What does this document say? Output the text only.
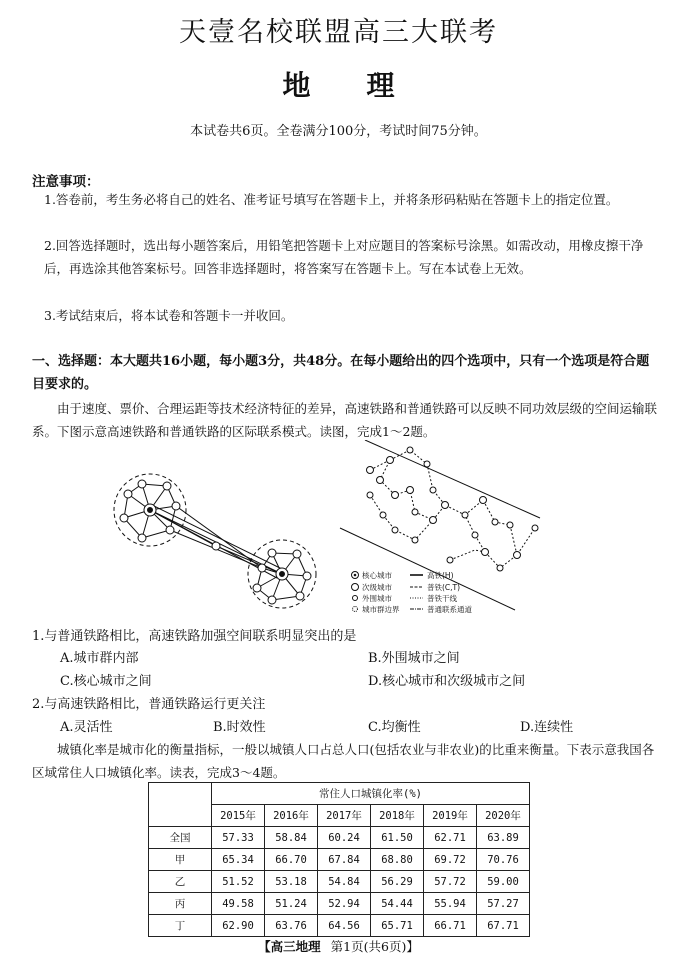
天壹名校联盟高三大联考
地　　理
本试卷共6页。全卷满分100分，考试时间75分钟。
注意事项：
1.答卷前，考生务必将自己的姓名、准考证号填写在答题卡上，并将条形码粘贴在答题卡上的指定位置。
2.回答选择题时，选出每小题答案后，用铅笔把答题卡上对应题目的答案标号涂黑。如需改动，用橡皮擦干净后，再选涂其他答案标号。回答非选择题时，将答案写在答题卡上。写在本试卷上无效。
3.考试结束后，将本试卷和答题卡一并收回。
一、选择题：本大题共16小题，每小题3分，共48分。在每小题给出的四个选项中，只有一个选项是符合题目要求的。
由于速度、票价、合理运距等技术经济特征的差异，高速铁路和普通铁路可以反映不同功效层级的空间运输联系。下图示意高速铁路和普通铁路的区际联系模式。读图，完成1～2题。
核心城市
次级城市
外围城市
城市群边界
高铁(H)
普铁(C,T)
普铁干线
普通联系通道
1.与普通铁路相比，高速铁路加强空间联系明显突出的是
A.城市群内部	B.外围城市之间
C.核心城市之间	D.核心城市和次级城市之间
2.与高速铁路相比，普通铁路运行更关注
A.灵活性	B.时效性	C.均衡性	D.连续性
城镇化率是城市化的衡量指标，一般以城镇人口占总人口(包括农业与非农业)的比重来衡量。下表示意我国各区域常住人口城镇化率。读表，完成3～4题。
	常住人口城镇化率(%)					
	2015年	2016年	2017年	2018年	2019年	2020年
全国	57.33	58.84	60.24	61.50	62.71	63.89
甲	65.34	66.70	67.84	68.80	69.72	70.76
乙	51.52	53.18	54.84	56.29	57.72	59.00
丙	49.58	51.24	52.94	54.44	55.94	57.27
丁	62.90	63.76	64.56	65.71	66.71	67.71
【高三地理 第1页(共6页)】
